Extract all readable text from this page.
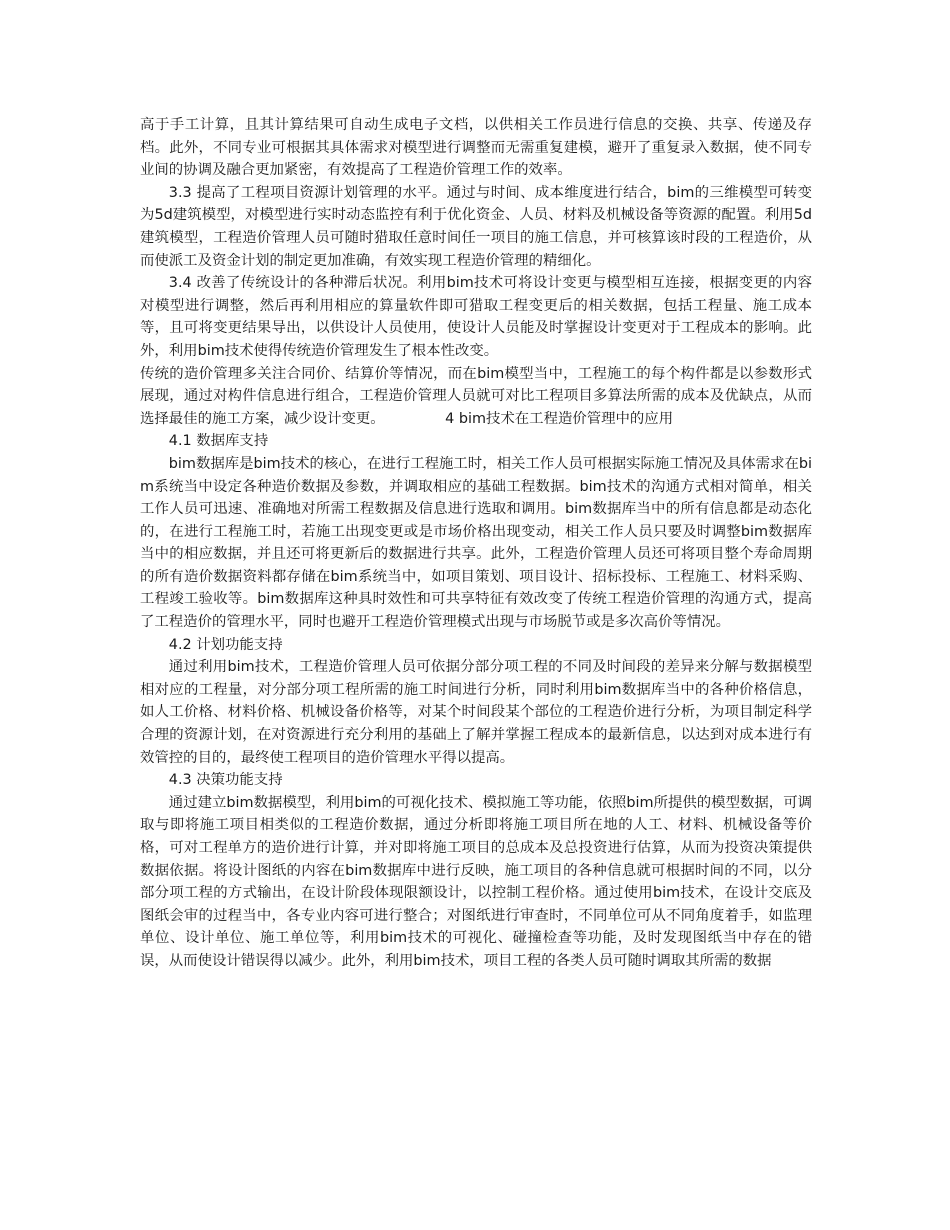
高于手工计算，且其计算结果可自动生成电子文档，以供相关工作员进行信息的交换、共享、传递及存档。此外，不同专业可根据其具体需求对模型进行调整而无需重复建模，避开了重复录入数据，使不同专业间的协调及融合更加紧密，有效提高了工程造价管理工作的效率。

3.3 提高了工程项目资源计划管理的水平。通过与时间、成本维度进行结合，bim的三维模型可转变为5d建筑模型，对模型进行实时动态监控有利于优化资金、人员、材料及机械设备等资源的配置。利用5d建筑模型，工程造价管理人员可随时猎取任意时间任一项目的施工信息，并可核算该时段的工程造价，从而使派工及资金计划的制定更加准确，有效实现工程造价管理的精细化。

3.4 改善了传统设计的各种滞后状况。利用bim技术可将设计变更与模型相互连接，根据变更的内容对模型进行调整，然后再利用相应的算量软件即可猎取工程变更后的相关数据，包括工程量、施工成本等，且可将变更结果导出，以供设计人员使用，使设计人员能及时掌握设计变更对于工程成本的影响。此外，利用bim技术使得传统造价管理发生了根本性改变。

传统的造价管理多关注合同价、结算价等情况，而在bim模型当中，工程施工的每个构件都是以参数形式展现，通过对构件信息进行组合，工程造价管理人员就可对比工程项目多算法所需的成本及优缺点，从而选择最佳的施工方案，减少设计变更。	4 bim技术在工程造价管理中的应用

4.1 数据库支持

bim数据库是bim技术的核心，在进行工程施工时，相关工作人员可根据实际施工情况及具体需求在bim系统当中设定各种造价数据及参数，并调取相应的基础工程数据。bim技术的沟通方式相对简单，相关工作人员可迅速、准确地对所需工程数据及信息进行选取和调用。bim数据库当中的所有信息都是动态化的，在进行工程施工时，若施工出现变更或是市场价格出现变动，相关工作人员只要及时调整bim数据库当中的相应数据，并且还可将更新后的数据进行共享。此外，工程造价管理人员还可将项目整个寿命周期的所有造价数据资料都存储在bim系统当中，如项目策划、项目设计、招标投标、工程施工、材料采购、工程竣工验收等。bim数据库这种具时效性和可共享特征有效改变了传统工程造价管理的沟通方式，提高了工程造价的管理水平，同时也避开工程造价管理模式出现与市场脱节或是多次高价等情况。

4.2 计划功能支持

通过利用bim技术，工程造价管理人员可依据分部分项工程的不同及时间段的差异来分解与数据模型相对应的工程量，对分部分项工程所需的施工时间进行分析，同时利用bim数据库当中的各种价格信息，如人工价格、材料价格、机械设备价格等，对某个时间段某个部位的工程造价进行分析，为项目制定科学合理的资源计划，在对资源进行充分利用的基础上了解并掌握工程成本的最新信息，以达到对成本进行有效管控的目的，最终使工程项目的造价管理水平得以提高。

4.3 决策功能支持

通过建立bim数据模型，利用bim的可视化技术、模拟施工等功能，依照bim所提供的模型数据，可调取与即将施工项目相类似的工程造价数据，通过分析即将施工项目所在地的人工、材料、机械设备等价格，可对工程单方的造价进行计算，并对即将施工项目的总成本及总投资进行估算，从而为投资决策提供数据依据。将设计图纸的内容在bim数据库中进行反映，施工项目的各种信息就可根据时间的不同，以分部分项工程的方式输出，在设计阶段体现限额设计，以控制工程价格。通过使用bim技术，在设计交底及图纸会审的过程当中，各专业内容可进行整合；对图纸进行审查时，不同单位可从不同角度着手，如监理单位、设计单位、施工单位等，利用bim技术的可视化、碰撞检查等功能，及时发现图纸当中存在的错误，从而使设计错误得以减少。此外，利用bim技术，项目工程的各类人员可随时调取其所需的数据
